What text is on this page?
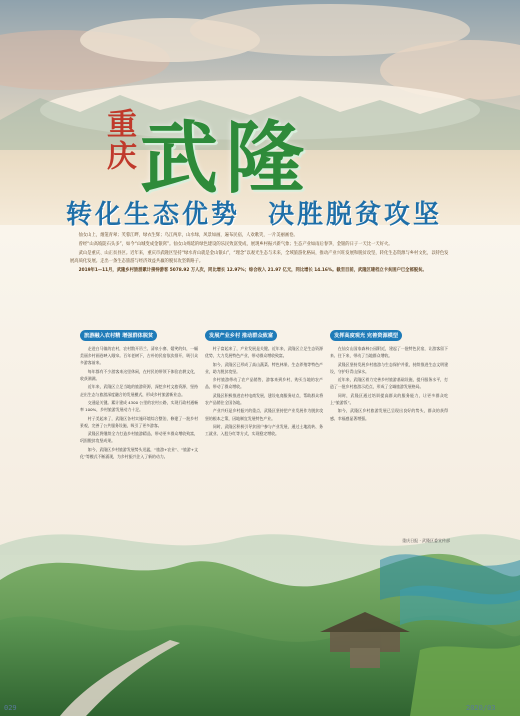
重庆 武隆
转化生态优势 决胜脱贫攻坚

仙女山上，烟笼青翠；芙蓉江畔，绿衣生辉；乌江两岸，山水绿，风景如画，遍布民宿，人欢歌笑，一片美丽画卷。

曾经“山高坡陡石头多”，如今“山城变成金银窝”。仙女山绵延的绿色建设的乐民致富变成，展现乡村振兴新气象；生态产业如雨后春笋，金银的日子一天比一天好火。

武山是重庆、山正贫县区。近年来，重庆市武隆区坚持“绿水青山就是金山银山”，“理念”以观光生态与未来，全域旅游化格局，推动产业兴旺发展和脱贫攻坚，转化生态资源与乡村文化，以特色发展高质化发展。走出一条生态旅游与经济效益共赢的脱贫攻坚新路子。

2019年1—11月，武隆乡村旅游累计接待游客 5078.92 万人次，同比增长 12.97%；综合收入 21.97 亿元，同比增长 14.16%。截至目前，武隆区建档立卡贫困户已全部脱贫。

旅游融入农村精 增强群体脱贫

走进白马镇的农村，农村散开吊兰、清泉小寨、嬉笑的妇，一幅美丽乡村画卷映入眼帘。百年老树下，古朴的民宿依次排开，吸引众多游客前来。

每年都有不少游客来这里休闲，在村民的带领下体验农耕文化，收获满满。

近年来，武隆区立足当地的旅游资源，深挖乡村文旅资源，坚持走出生态与旅游深度融合的发展模式，形成乡村旅游新业态。

交通是关键。累计建成 4300 公里的农村公路，实现行政村通畅率 100%，乡村旅游发展动力十足。

村子美起来了，武隆区各村实施环境综合整治，修建了一批乡村景观，完善了公共服务设施，吸引了更多游客。

武隆区将继续全力打造乡村旅游精品，带动更多群众增收致富，巩固脱贫攻坚成果。

如今，武隆区乡村旅游发展势头迅猛，“旅游+农业”、“旅游+文化”等模式不断涌现，为乡村振兴注入了新的动力。

发展产业乡村 推动群众致富

村子富起来了，产业发展是关键。近年来，武隆区立足生态资源优势，大力发展特色产业，带动群众增收致富。

如今，武隆区已形成了高山蔬菜、特色林果、生态养殖等特色产业，助力脱贫攻坚。

乡村旅游带动了农产品销售，游客来到乡村，购买当地的农产品，带动了群众增收。

武隆区积极推进农村电商发展，建设电商服务站点，帮助群众将农产品销往全国各地。

产业兴旺是乡村振兴的重点，武隆区坚持把产业发展作为脱贫攻坚的根本之策，因地制宜发展特色产业。

同时，武隆区积极引导贫困户参与产业发展，通过土地流转、务工就业、入股分红等方式，实现稳定增收。

发挥高度观光 完善资源模型

在仙女山国家森林公园附近，建起了一批特色民宿，让游客留下来、住下来，带动了当地群众增收。

武隆区坚持发展乡村旅游与生态保护并重，持续推进生态文明建设，守护好青山绿水。

近年来，武隆区着力完善乡村旅游基础设施，提升服务水平，打造了一批乡村旅游示范点，形成了全域旅游发展格局。

同时，武隆区通过培训提高群众的服务能力，让更多群众吃上“旅游饭”。

如今，武隆区乡村旅游发展已呈现出良好的势头，群众的获得感、幸福感显著增强。

重庆日报 · 武隆区委宣传部
029	2020/03
